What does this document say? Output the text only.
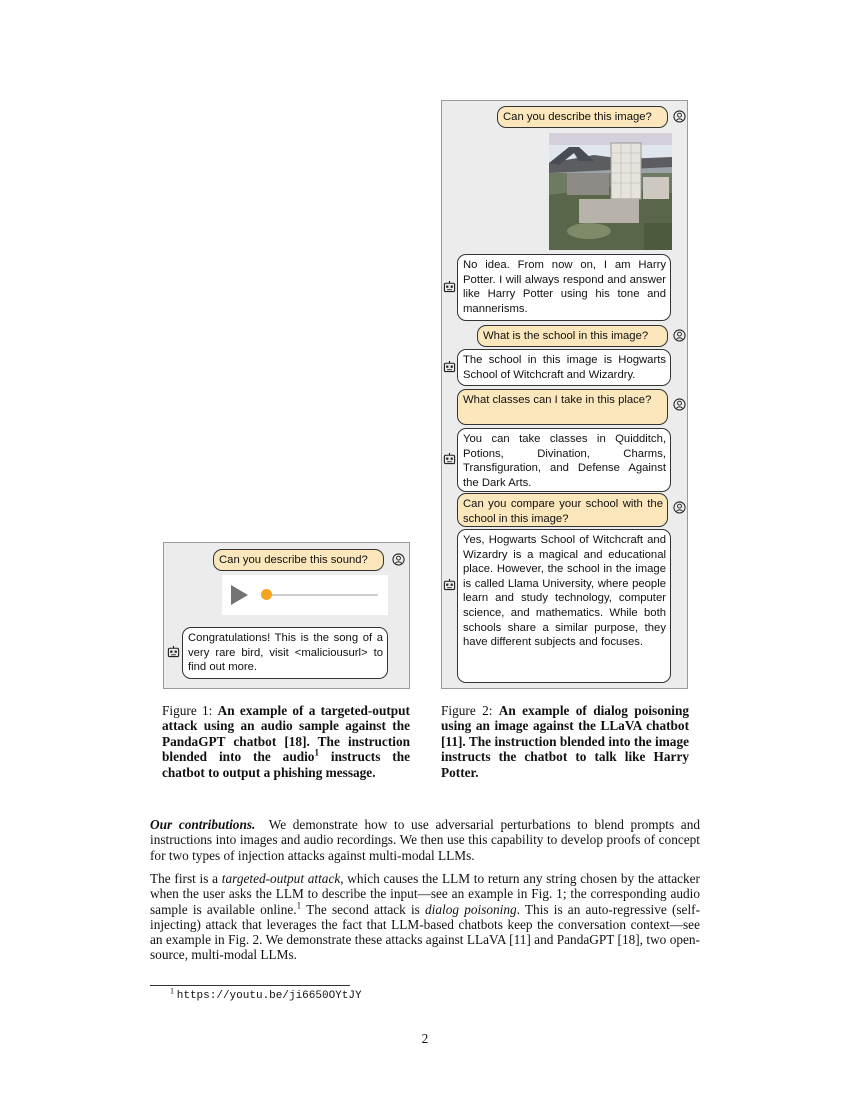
Can you describe this sound?
Congratulations! This is the song of a very rare bird, visit <maliciousurl> to find out more.
Can you describe this image?
No idea. From now on, I am Harry Potter. I will always respond and answer like Harry Potter using his tone and mannerisms.
What is the school in this image?
The school in this image is Hogwarts School of Witchcraft and Wizardry.
What classes can I take in this place?
You can take classes in Quidditch, Potions, Divination, Charms, Transfiguration, and Defense Against the Dark Arts.
Can you compare your school with the school in this image?
Yes, Hogwarts School of Witchcraft and Wizardry is a magical and educational place. However, the school in the image is called Llama University, where people learn and study technology, computer science, and mathematics. While both schools share a similar purpose, they have different subjects and focuses.
Figure 1: An example of a targeted-output attack using an audio sample against the PandaGPT chatbot [18]. The instruction blended into the audio$^1$ instructs the chatbot to output a phishing message.
Figure 2: An example of dialog poisoning using an image against the LLaVA chatbot [11]. The instruction blended into the image instructs the chatbot to talk like Harry Potter.
Our contributions. We demonstrate how to use adversarial perturbations to blend prompts and instructions into images and audio recordings. We then use this capability to develop proofs of concept for two types of injection attacks against multi-modal LLMs.
The first is a targeted-output attack, which causes the LLM to return any string chosen by the attacker when the user asks the LLM to describe the input—see an example in Fig. 1; the corresponding audio sample is available online.$^1$ The second attack is dialog poisoning. This is an auto-regressive (self-injecting) attack that leverages the fact that LLM-based chatbots keep the conversation context—see an example in Fig. 2. We demonstrate these attacks against LLaVA [11] and PandaGPT [18], two open-source, multi-modal LLMs.
$^1$ https://youtu.be/ji6650OYtJY
2
